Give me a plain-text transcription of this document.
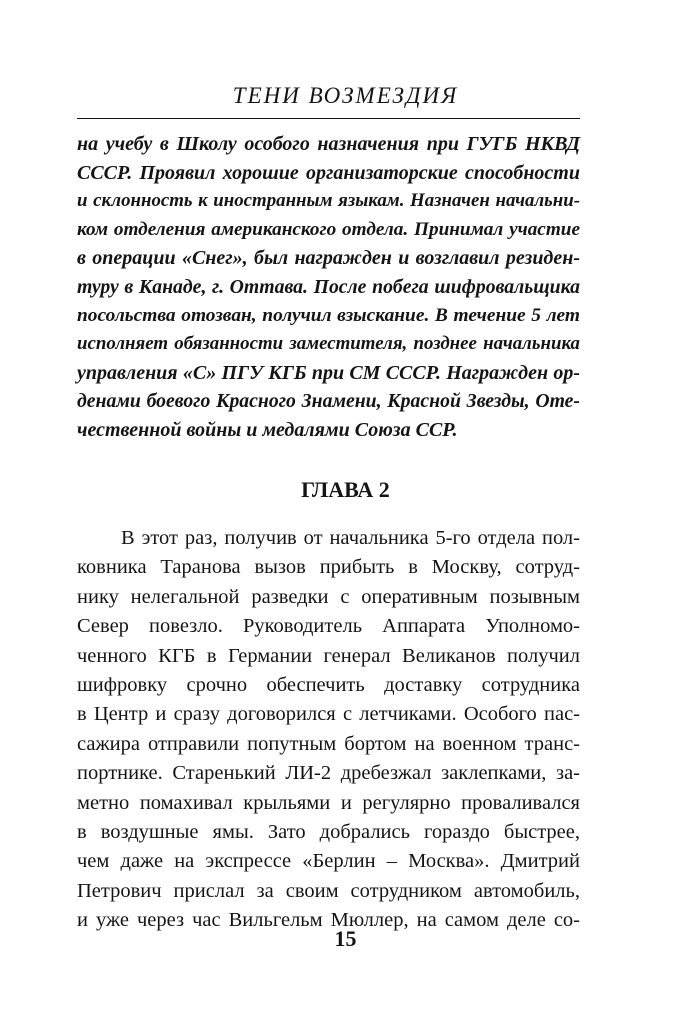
ТЕНИ ВОЗМЕЗДИЯ
на учебу в Школу особого назначения при ГУГБ НКВД
СССР. Проявил хорошие организаторские способности
и склонность к иностранным языкам. Назначен начальни-
ком отделения американского отдела. Принимал участие
в операции «Снег», был награжден и возглавил резиден-
туру в Канаде, г. Оттава. После побега шифровальщика
посольства отозван, получил взыскание. В течение 5 лет
исполняет обязанности заместителя, позднее начальника
управления «С» ПГУ КГБ при СМ СССР. Награжден ор-
денами боевого Красного Знамени, Красной Звезды, Оте-
чественной войны и медалями Союза ССР.
ГЛАВА 2
В этот раз, получив от начальника 5-го отдела пол-
ковника Таранова вызов прибыть в Москву, сотруд-
нику нелегальной разведки с оперативным позывным
Север повезло. Руководитель Аппарата Уполномо-
ченного КГБ в Германии генерал Великанов получил
шифровку срочно обеспечить доставку сотрудника
в Центр и сразу договорился с летчиками. Особого пас-
сажира отправили попутным бортом на военном транс-
портнике. Старенький ЛИ-2 дребезжал заклепками, за-
метно помахивал крыльями и регулярно проваливался
в воздушные ямы. Зато добрались гораздо быстрее,
чем даже на экспрессе «Берлин – Москва». Дмитрий
Петрович прислал за своим сотрудником автомобиль,
и уже через час Вильгельм Мюллер, на самом деле со-
15
